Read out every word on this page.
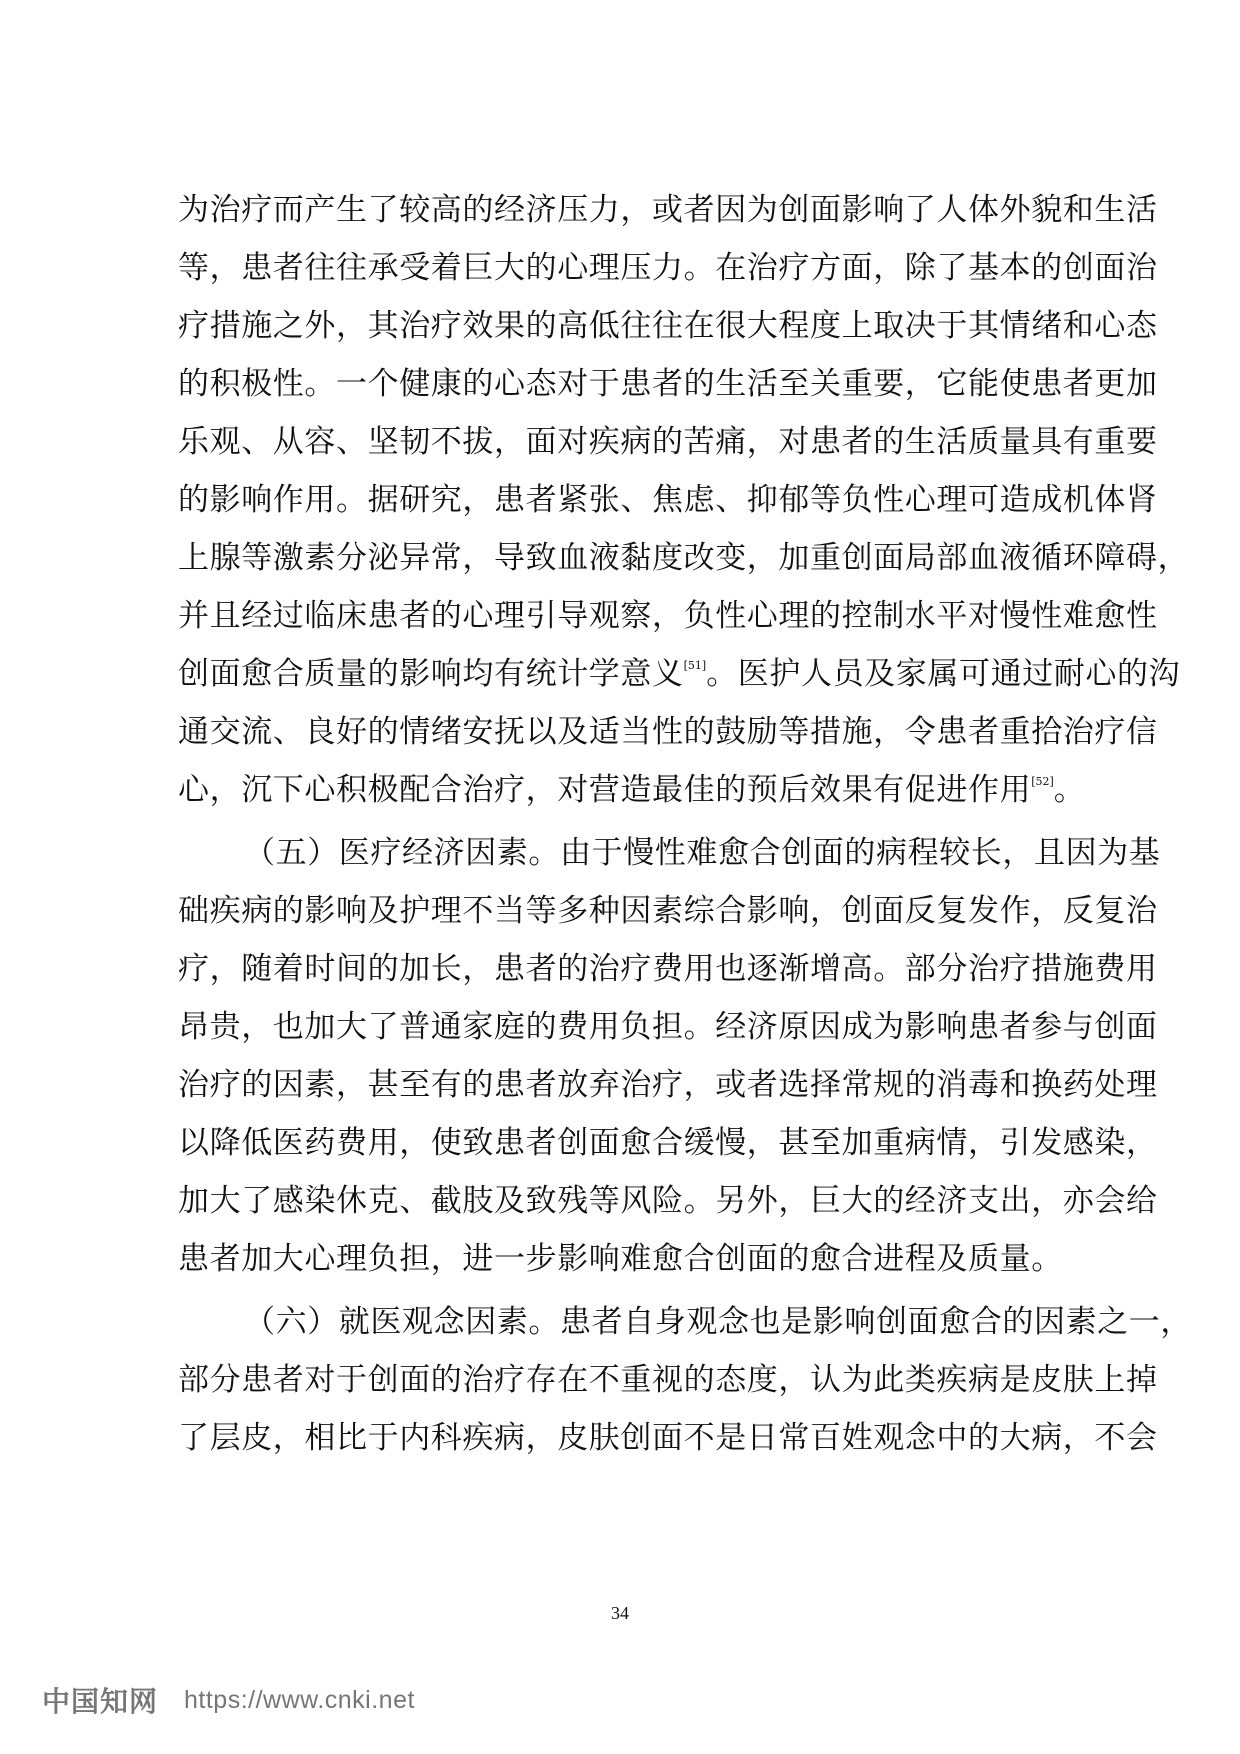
为治疗而产生了较高的经济压力，或者因为创面影响了人体外貌和生活
等，患者往往承受着巨大的心理压力。在治疗方面，除了基本的创面治
疗措施之外，其治疗效果的高低往往在很大程度上取决于其情绪和心态
的积极性。一个健康的心态对于患者的生活至关重要，它能使患者更加
乐观、从容、坚韧不拔，面对疾病的苦痛，对患者的生活质量具有重要
的影响作用。据研究，患者紧张、焦虑、抑郁等负性心理可造成机体肾
上腺等激素分泌异常，导致血液黏度改变，加重创面局部血液循环障碍，
并且经过临床患者的心理引导观察，负性心理的控制水平对慢性难愈性
创面愈合质量的影响均有统计学意义[51]。医护人员及家属可通过耐心的沟
通交流、良好的情绪安抚以及适当性的鼓励等措施，令患者重拾治疗信
心，沉下心积极配合治疗，对营造最佳的预后效果有促进作用[52]。
（五）医疗经济因素。由于慢性难愈合创面的病程较长，且因为基
础疾病的影响及护理不当等多种因素综合影响，创面反复发作，反复治
疗，随着时间的加长，患者的治疗费用也逐渐增高。部分治疗措施费用
昂贵，也加大了普通家庭的费用负担。经济原因成为影响患者参与创面
治疗的因素，甚至有的患者放弃治疗，或者选择常规的消毒和换药处理
以降低医药费用，使致患者创面愈合缓慢，甚至加重病情，引发感染，
加大了感染休克、截肢及致残等风险。另外，巨大的经济支出，亦会给
患者加大心理负担，进一步影响难愈合创面的愈合进程及质量。
（六）就医观念因素。患者自身观念也是影响创面愈合的因素之一，
部分患者对于创面的治疗存在不重视的态度，认为此类疾病是皮肤上掉
了层皮，相比于内科疾病，皮肤创面不是日常百姓观念中的大病，不会
34
中国知网 https://www.cnki.net
